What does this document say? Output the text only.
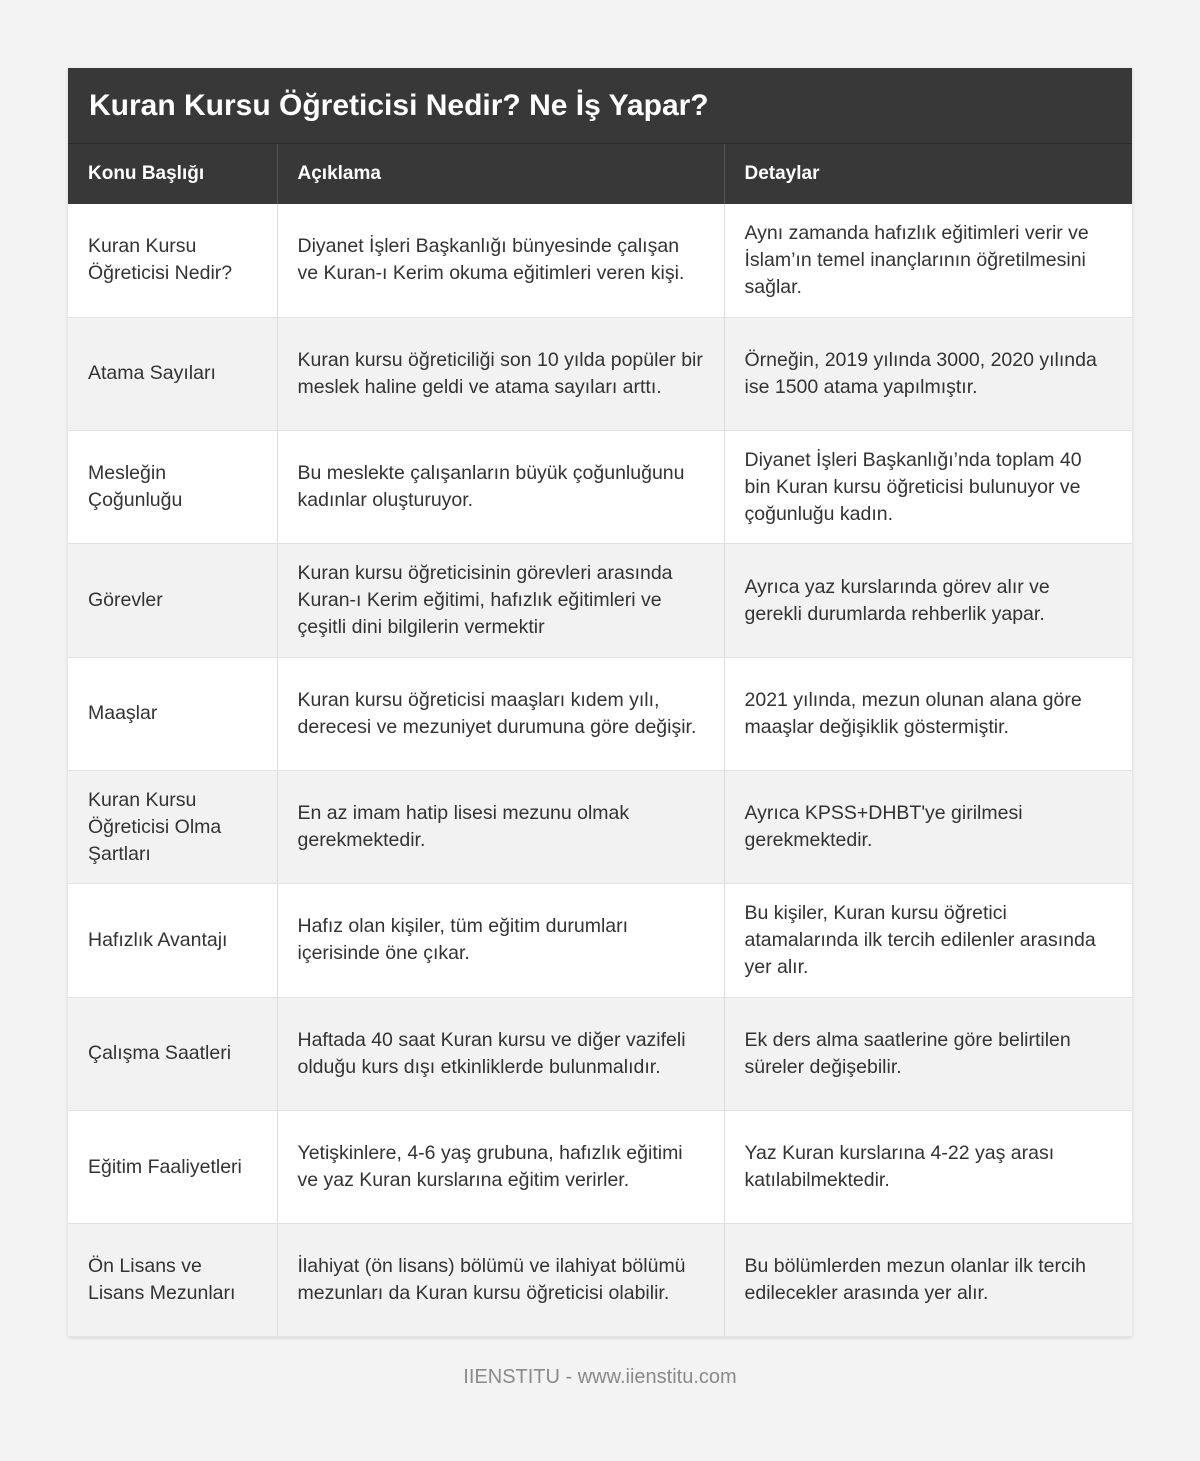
Kuran Kursu Öğreticisi Nedir? Ne İş Yapar?
Konu Başlığı	Açıklama	Detaylar
Kuran Kursu Öğreticisi Nedir?	Diyanet İşleri Başkanlığı bünyesinde çalışan ve Kuran-ı Kerim okuma eğitimleri veren kişi.	Aynı zamanda hafızlık eğitimleri verir ve İslam’ın temel inançlarının öğretilmesini sağlar.
Atama Sayıları	Kuran kursu öğreticiliği son 10 yılda popüler bir meslek haline geldi ve atama sayıları arttı.	Örneğin, 2019 yılında 3000, 2020 yılında ise 1500 atama yapılmıştır.
Mesleğin Çoğunluğu	Bu meslekte çalışanların büyük çoğunluğunu kadınlar oluşturuyor.	Diyanet İşleri Başkanlığı’nda toplam 40 bin Kuran kursu öğreticisi bulunuyor ve çoğunluğu kadın.
Görevler	Kuran kursu öğreticisinin görevleri arasında Kuran-ı Kerim eğitimi, hafızlık eğitimleri ve çeşitli dini bilgilerin vermektir	Ayrıca yaz kurslarında görev alır ve gerekli durumlarda rehberlik yapar.
Maaşlar	Kuran kursu öğreticisi maaşları kıdem yılı, derecesi ve mezuniyet durumuna göre değişir.	2021 yılında, mezun olunan alana göre maaşlar değişiklik göstermiştir.
Kuran Kursu Öğreticisi Olma Şartları	En az imam hatip lisesi mezunu olmak gerekmektedir.	Ayrıca KPSS+DHBT'ye girilmesi gerekmektedir.
Hafızlık Avantajı	Hafız olan kişiler, tüm eğitim durumları içerisinde öne çıkar.	Bu kişiler, Kuran kursu öğretici atamalarında ilk tercih edilenler arasında yer alır.
Çalışma Saatleri	Haftada 40 saat Kuran kursu ve diğer vazifeli olduğu kurs dışı etkinliklerde bulunmalıdır.	Ek ders alma saatlerine göre belirtilen süreler değişebilir.
Eğitim Faaliyetleri	Yetişkinlere, 4-6 yaş grubuna, hafızlık eğitimi ve yaz Kuran kurslarına eğitim verirler.	Yaz Kuran kurslarına 4-22 yaş arası katılabilmektedir.
Ön Lisans ve Lisans Mezunları	İlahiyat (ön lisans) bölümü ve ilahiyat bölümü mezunları da Kuran kursu öğreticisi olabilir.	Bu bölümlerden mezun olanlar ilk tercih edilecekler arasında yer alır.
IIENSTITU - www.iienstitu.com
